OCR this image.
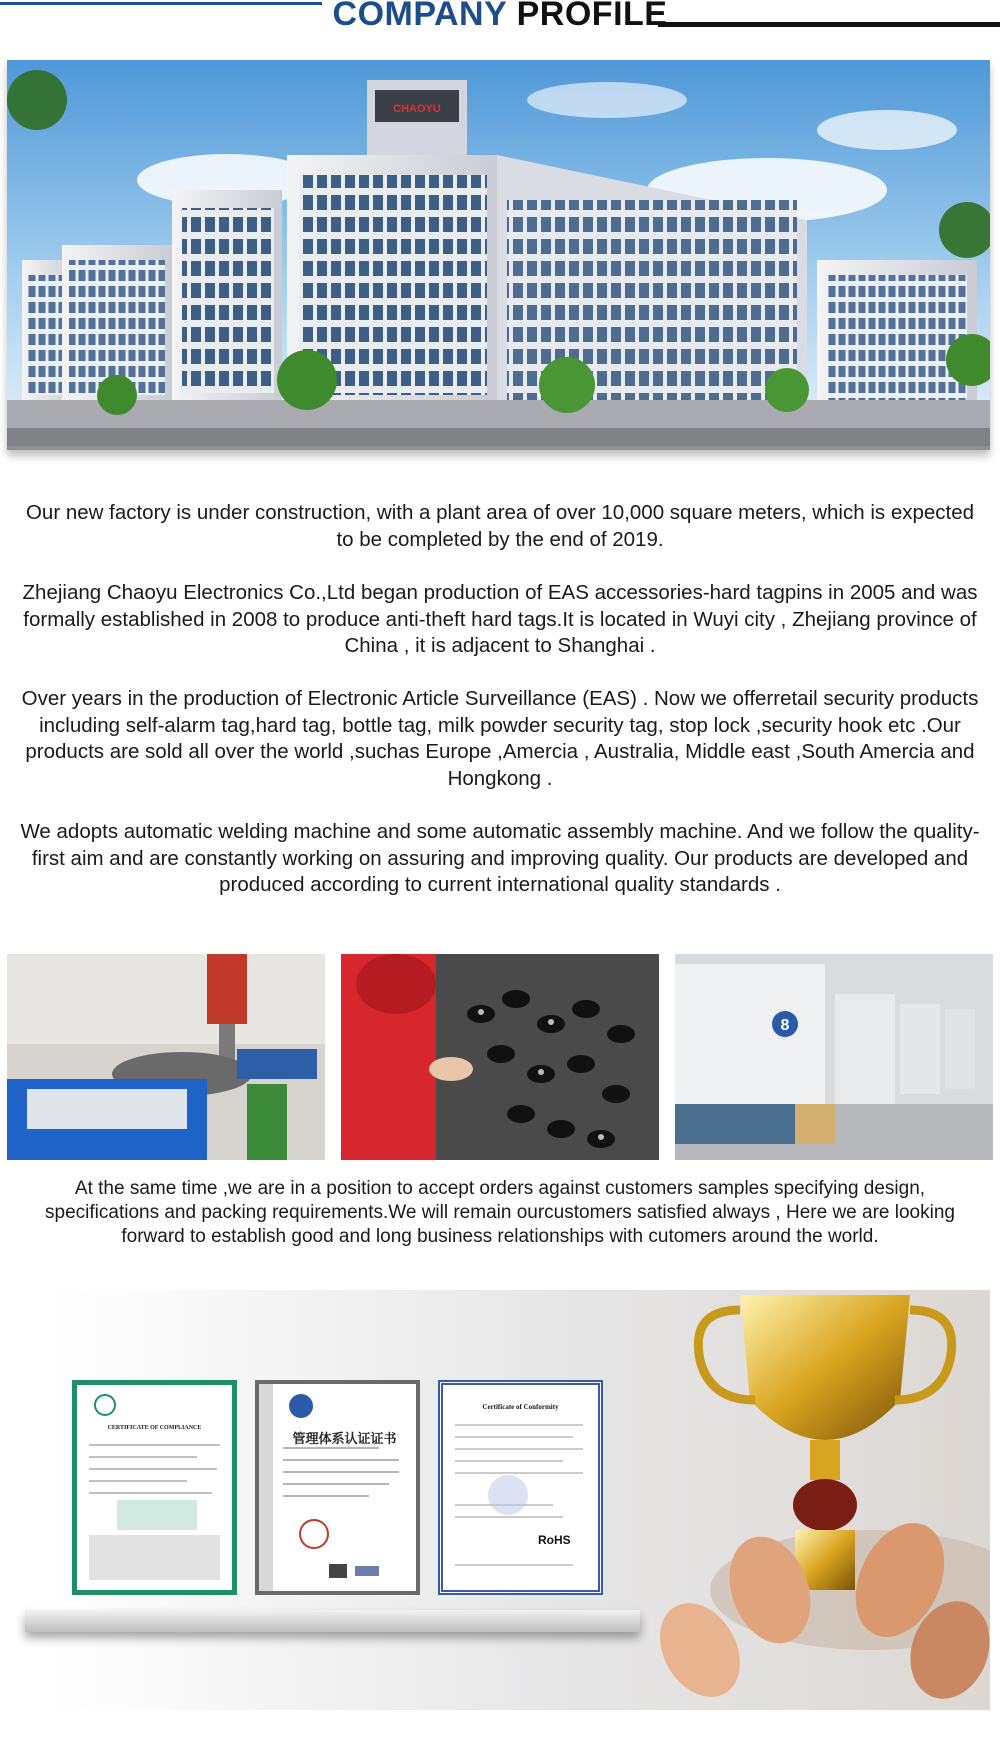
COMPANY PROFILE
CHAOYU

Our new factory is under construction, with a plant area of over 10,000 square meters, which is expected to be completed by the end of 2019.

Zhejiang Chaoyu Electronics Co.,Ltd began production of EAS accessories-hard tagpins in 2005 and was formally established in 2008 to produce anti-theft hard tags.It is located in Wuyi city , Zhejiang province of China , it is adjacent to Shanghai .

Over years in the production of Electronic Article Surveillance (EAS) . Now we offerretail security products including self-alarm tag,hard tag, bottle tag, milk powder security tag, stop lock ,security hook etc .Our products are sold all over the world ,suchas Europe ,Amercia , Australia, Middle east ,South Amercia and Hongkong .

We adopts automatic welding machine and some automatic assembly machine. And we follow the quality-first aim and are constantly working on assuring and improving quality. Our products are developed and produced according to current international quality standards .

8

At the same time ,we are in a position to accept orders against customers samples specifying design, specifications and packing requirements.We will remain ourcustomers satisfied always , Here we are looking forward to establish good and long business relationships with cutomers around the world.

CERTIFICATE OF COMPLIANCE
管理体系认证证书
Certificate of Conformity
RoHS
